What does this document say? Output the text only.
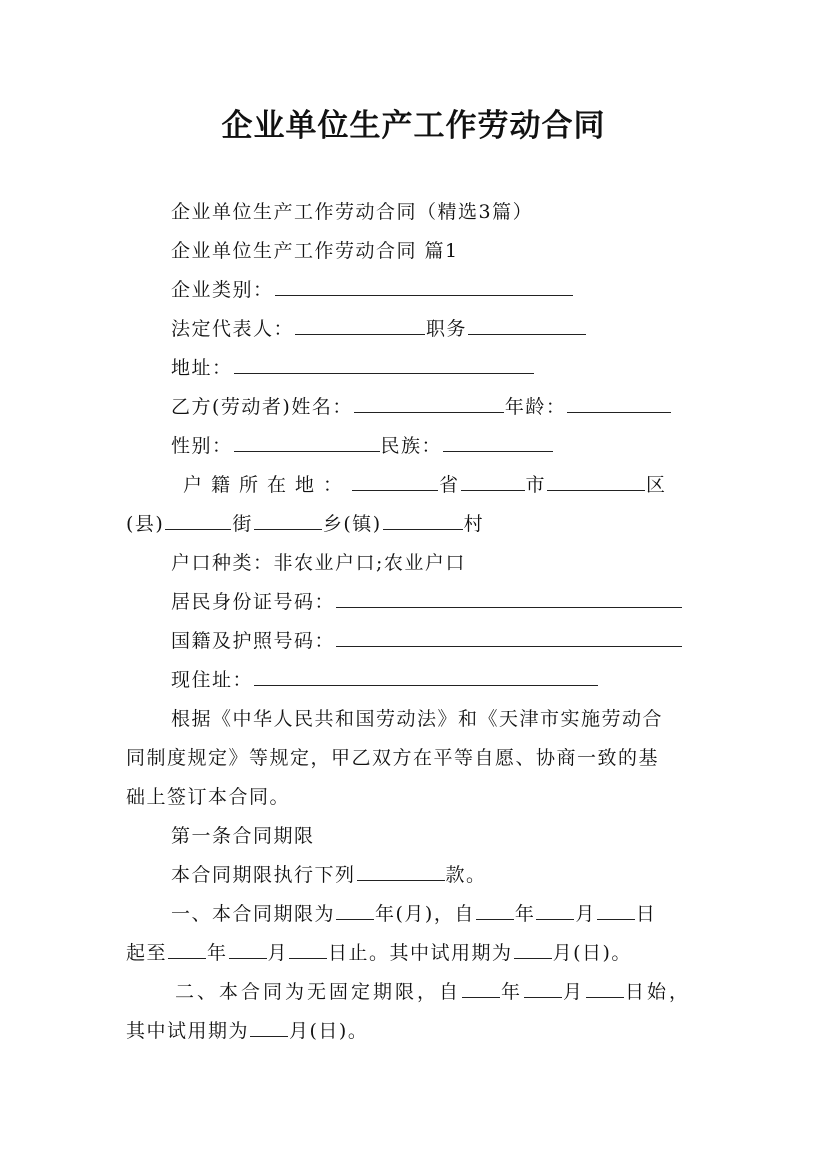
企业单位生产工作劳动合同
企业单位生产工作劳动合同（精选3篇）
企业单位生产工作劳动合同 篇1
企业类别：
法定代表人：	职务
地址：
乙方(劳动者)姓名：	年龄：
性别：	民族：
户籍所在地：	省	市	区
(县)	街	乡(镇)	村
户口种类：非农业户口;农业户口
居民身份证号码：
国籍及护照号码：
现住址：
根据《中华人民共和国劳动法》和《天津市实施劳动合
同制度规定》等规定，甲乙双方在平等自愿、协商一致的基
础上签订本合同。
第一条合同期限
本合同期限执行下列	款。
一、本合同期限为 年(月)，自 年 月 日
起至 年 月 日止。其中试用期为 月(日)。
二、本合同为无固定期限，自 年 月 日始，
其中试用期为 月(日)。
